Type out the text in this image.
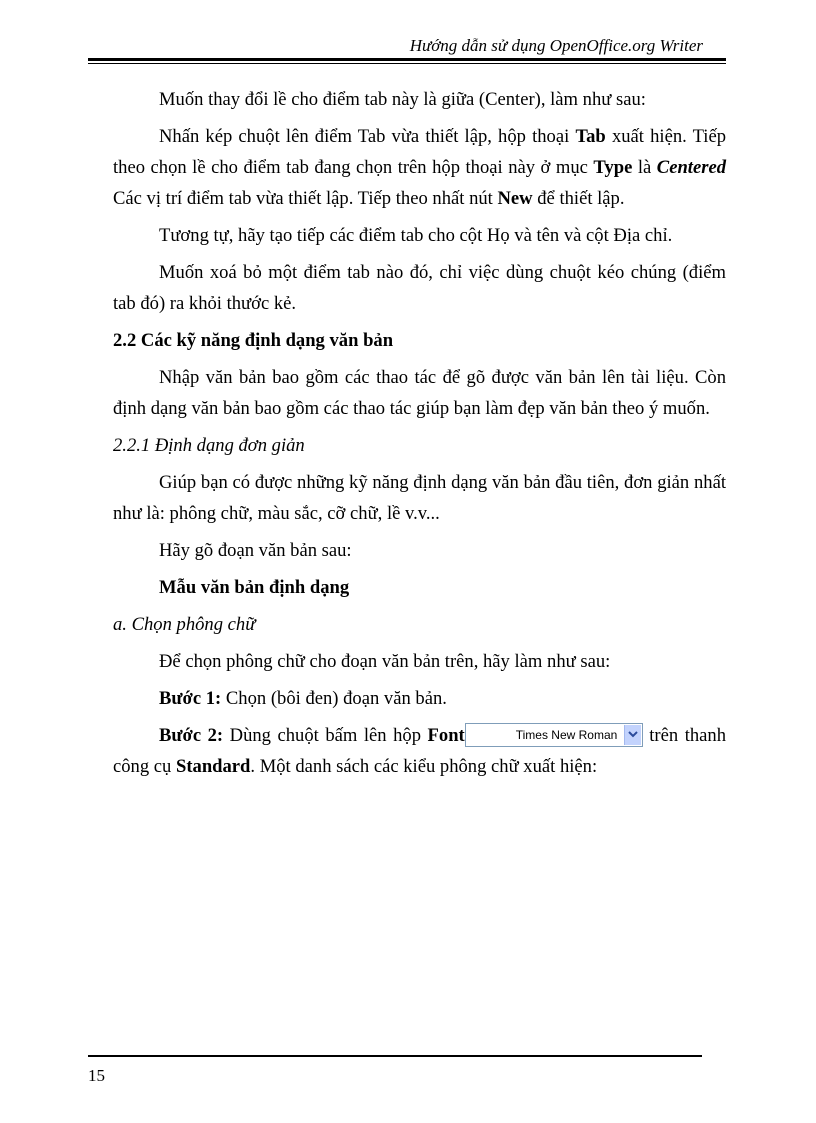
Hướng dẫn sử dụng OpenOffice.org Writer

Muốn thay đổi lề cho điểm tab này là giữa (Center), làm như sau:

Nhấn kép chuột lên điểm Tab vừa thiết lập, hộp thoại Tab xuất hiện. Tiếp theo chọn lề cho điểm tab đang chọn trên hộp thoại này ở mục Type là Centered Các vị trí điểm tab vừa thiết lập. Tiếp theo nhất nút New để thiết lập.

Tương tự, hãy tạo tiếp các điểm tab cho cột Họ và tên và cột Địa chỉ.

Muốn xoá bỏ một điểm tab nào đó, chỉ việc dùng chuột kéo chúng (điểm tab đó) ra khỏi thước kẻ.

2.2 Các kỹ năng định dạng văn bản

Nhập văn bản bao gồm các thao tác để gõ được văn bản lên tài liệu. Còn định dạng văn bản bao gồm các thao tác giúp bạn làm đẹp văn bản theo ý muốn.

2.2.1 Định dạng đơn giản

Giúp bạn có được những kỹ năng định dạng văn bản đầu tiên, đơn giản nhất như là: phông chữ, màu sắc, cỡ chữ, lề v.v...

Hãy gõ đoạn văn bản sau:
Mẫu văn bản định dạng
a. Chọn phông chữ
Để chọn phông chữ cho đoạn văn bản trên, hãy làm như sau:
Bước 1: Chọn (bôi đen) đoạn văn bản.

Bước 2: Dùng chuột bấm lên hộp Font	Times New Roman
trên thanh công cụ Standard. Một danh sách các kiểu phông chữ xuất hiện:

15
